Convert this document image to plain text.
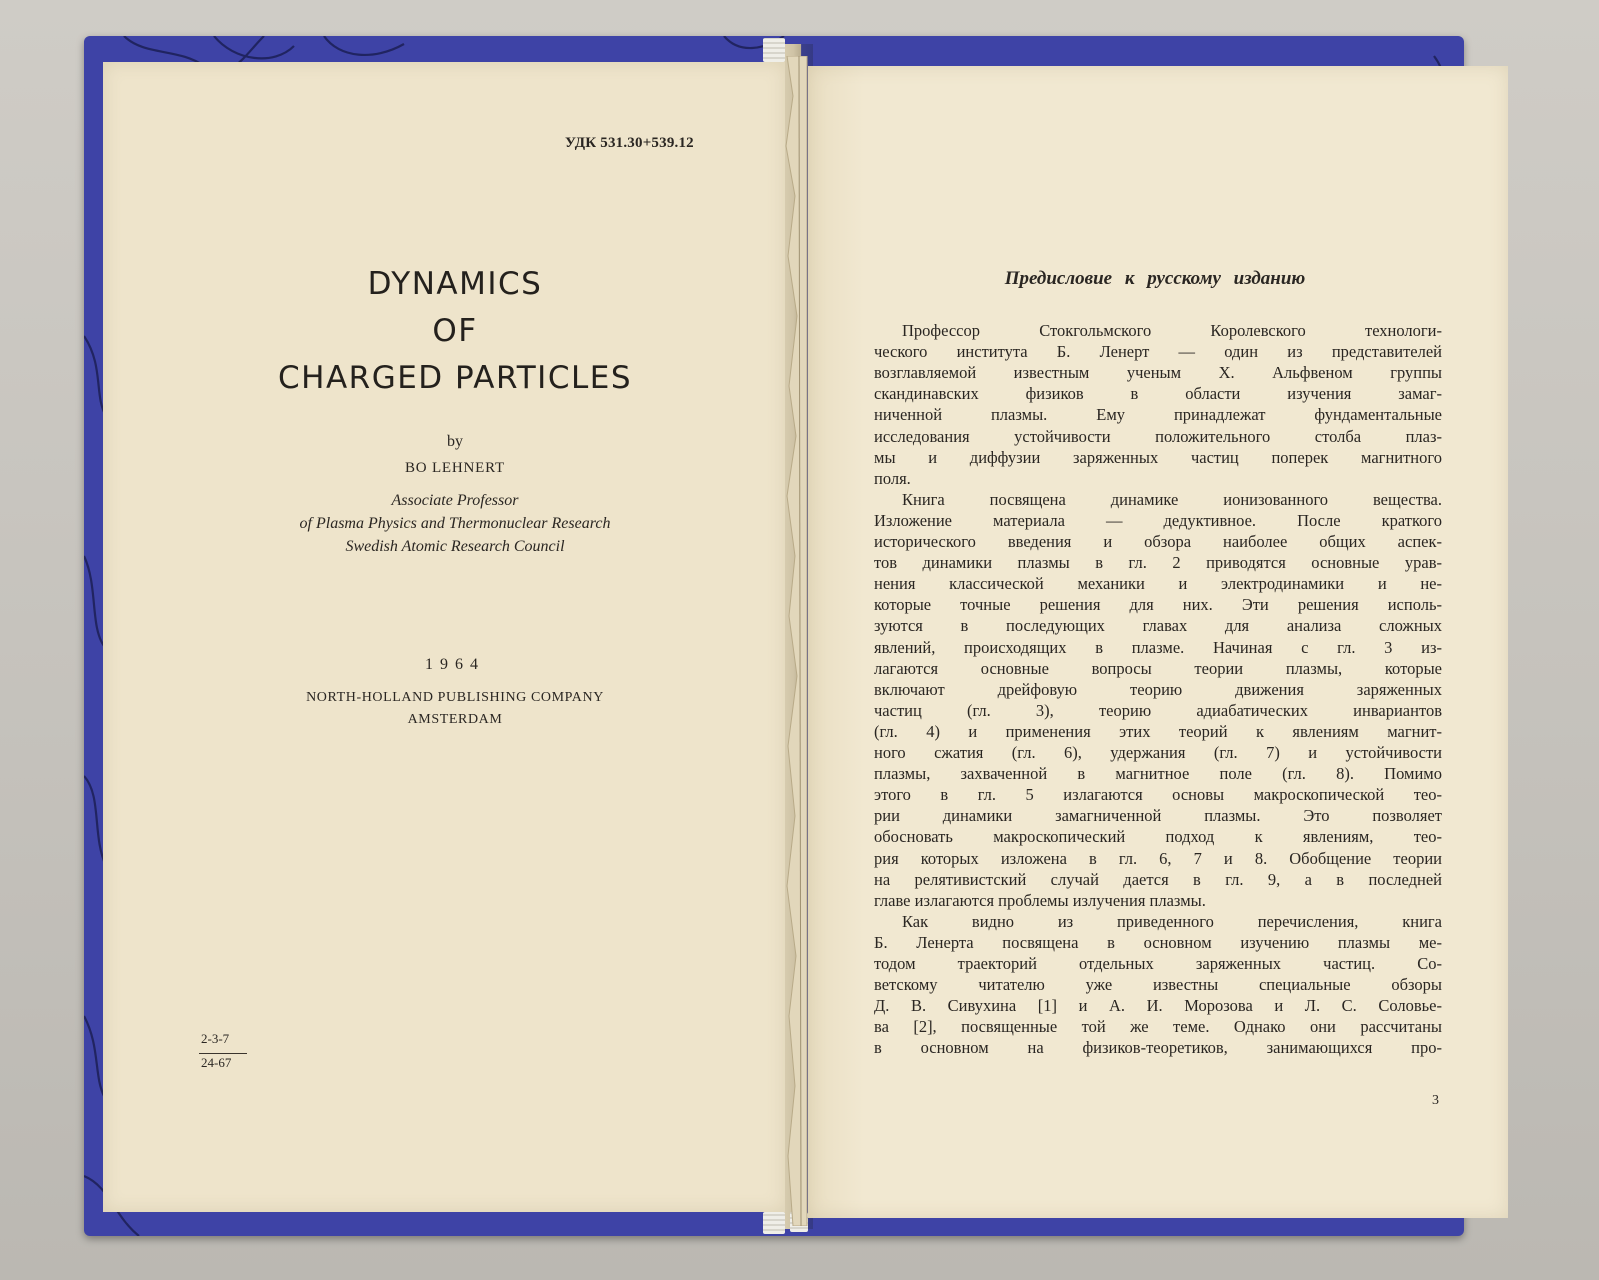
УДК 531.30+539.12

DYNAMICS

OF

CHARGED PARTICLES

by

BO LEHNERT

Associate Professor

of Plasma Physics and Thermonuclear Research

Swedish Atomic Research Council

1964

NORTH-HOLLAND PUBLISHING COMPANY

AMSTERDAM

2-3-7

24-67

Предисловие к русскому изданию

Профессор Стокгольмского Королевского технологи-

ческого института Б. Ленерт — один из представителей

возглавляемой известным ученым Х. Альфвеном группы

скандинавских физиков в области изучения замаг-

ниченной плазмы. Ему принадлежат фундаментальные

исследования устойчивости положительного столба плаз-

мы и диффузии заряженных частиц поперек магнитного

поля.

Книга посвящена динамике ионизованного вещества.

Изложение материала — дедуктивное. После краткого

исторического введения и обзора наиболее общих аспек-

тов динамики плазмы в гл. 2 приводятся основные урав-

нения классической механики и электродинамики и не-

которые точные решения для них. Эти решения исполь-

зуются в последующих главах для анализа сложных

явлений, происходящих в плазме. Начиная с гл. 3 из-

лагаются основные вопросы теории плазмы, которые

включают дрейфовую теорию движения заряженных

частиц (гл. 3), теорию адиабатических инвариантов

(гл. 4) и применения этих теорий к явлениям магнит-

ного сжатия (гл. 6), удержания (гл. 7) и устойчивости

плазмы, захваченной в магнитное поле (гл. 8). Помимо

этого в гл. 5 излагаются основы макроскопической тео-

рии динамики замагниченной плазмы. Это позволяет

обосновать макроскопический подход к явлениям, тео-

рия которых изложена в гл. 6, 7 и 8. Обобщение теории

на релятивистский случай дается в гл. 9, а в последней

главе излагаются проблемы излучения плазмы.

Как видно из приведенного перечисления, книга

Б. Ленерта посвящена в основном изучению плазмы ме-

тодом траекторий отдельных заряженных частиц. Со-

ветскому читателю уже известны специальные обзоры

Д. В. Сивухина [1] и А. И. Морозова и Л. С. Соловье-

ва [2], посвященные той же теме. Однако они рассчитаны

в основном на физиков-теоретиков, занимающихся про-

3
